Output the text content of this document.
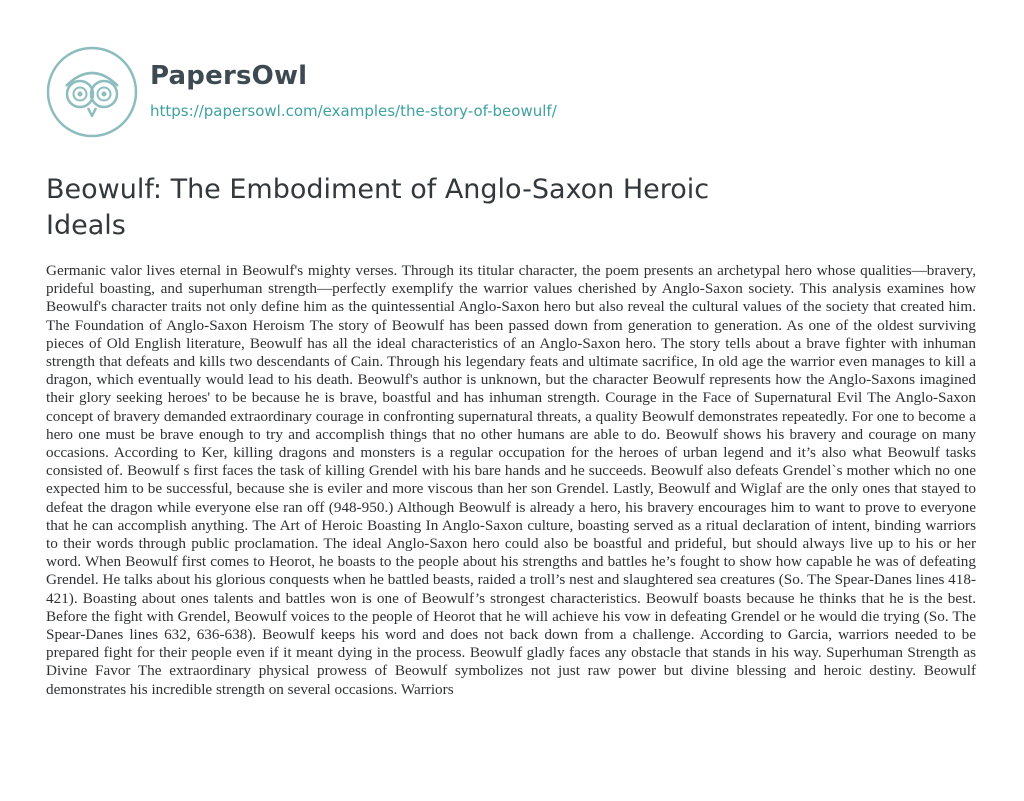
PapersOwl
https://papersowl.com/examples/the-story-of-beowulf/
Beowulf: The Embodiment of Anglo-Saxon Heroic Ideals

Germanic valor lives eternal in Beowulf's mighty verses. Through its titular character, the poem presents an archetypal hero whose qualities—bravery, prideful boasting, and superhuman strength—perfectly exemplify the warrior values cherished by Anglo-Saxon society. This analysis examines how Beowulf's character traits not only define him as the quintessential Anglo-Saxon hero but also reveal the cultural values of the society that created him. The Foundation of Anglo-Saxon Heroism The story of Beowulf has been passed down from generation to generation. As one of the oldest surviving pieces of Old English literature, Beowulf has all the ideal characteristics of an Anglo-Saxon hero. The story tells about a brave fighter with inhuman strength that defeats and kills two descendants of Cain. Through his legendary feats and ultimate sacrifice, In old age the warrior even manages to kill a dragon, which eventually would lead to his death. Beowulf's author is unknown, but the character Beowulf represents how the Anglo-Saxons imagined their glory seeking heroes' to be because he is brave, boastful and has inhuman strength. Courage in the Face of Supernatural Evil The Anglo-Saxon concept of bravery demanded extraordinary courage in confronting supernatural threats, a quality Beowulf demonstrates repeatedly. For one to become a hero one must be brave enough to try and accomplish things that no other humans are able to do. Beowulf shows his bravery and courage on many occasions. According to Ker, killing dragons and monsters is a regular occupation for the heroes of urban legend and it’s also what Beowulf tasks consisted of. Beowulf s first faces the task of killing Grendel with his bare hands and he succeeds. Beowulf also defeats Grendel`s mother which no one expected him to be successful, because she is eviler and more viscous than her son Grendel. Lastly, Beowulf and Wiglaf are the only ones that stayed to defeat the dragon while everyone else ran off (948-950.) Although Beowulf is already a hero, his bravery encourages him to want to prove to everyone that he can accomplish anything. The Art of Heroic Boasting In Anglo-Saxon culture, boasting served as a ritual declaration of intent, binding warriors to their words through public proclamation. The ideal Anglo-Saxon hero could also be boastful and prideful, but should always live up to his or her word. When Beowulf first comes to Heorot, he boasts to the people about his strengths and battles he’s fought to show how capable he was of defeating Grendel. He talks about his glorious conquests when he battled beasts, raided a troll’s nest and slaughtered sea creatures (So. The Spear-Danes lines 418-421). Boasting about ones talents and battles won is one of Beowulf’s strongest characteristics. Beowulf boasts because he thinks that he is the best. Before the fight with Grendel, Beowulf voices to the people of Heorot that he will achieve his vow in defeating Grendel or he would die trying (So. The Spear-Danes lines 632, 636-638). Beowulf keeps his word and does not back down from a challenge. According to Garcia, warriors needed to be prepared fight for their people even if it meant dying in the process. Beowulf gladly faces any obstacle that stands in his way. Superhuman Strength as Divine Favor The extraordinary physical prowess of Beowulf symbolizes not just raw power but divine blessing and heroic destiny. Beowulf demonstrates his incredible strength on several occasions. Warriors
